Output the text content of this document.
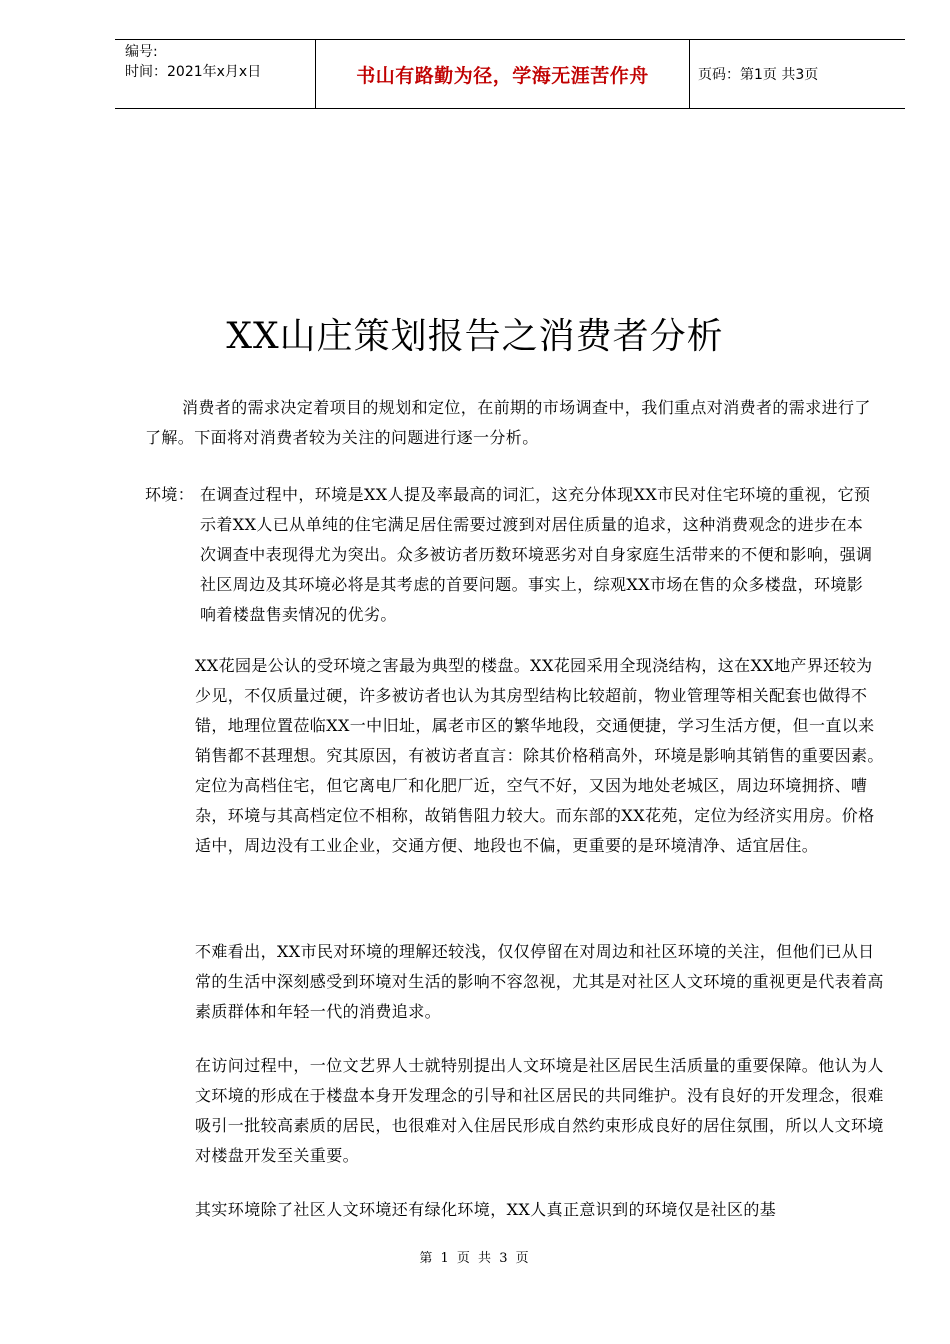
编号:
时间：2021年x月x日	书山有路勤为径，学海无涯苦作舟	页码：第1页 共3页
XX山庄策划报告之消费者分析

消费者的需求决定着项目的规划和定位，在前期的市场调查中，我们重点对消费者的需求进行了了解。下面将对消费者较为关注的问题进行逐一分析。

环境： 在调查过程中，环境是XX人提及率最高的词汇，这充分体现XX市民对住宅环境的重视，它预示着XX人已从单纯的住宅满足居住需要过渡到对居住质量的追求，这种消费观念的进步在本次调查中表现得尤为突出。众多被访者历数环境恶劣对自身家庭生活带来的不便和影响，强调社区周边及其环境必将是其考虑的首要问题。事实上，综观XX市场在售的众多楼盘，环境影响着楼盘售卖情况的优劣。

XX花园是公认的受环境之害最为典型的楼盘。XX花园采用全现浇结构，这在XX地产界还较为少见，不仅质量过硬，许多被访者也认为其房型结构比较超前，物业管理等相关配套也做得不错，地理位置莅临XX一中旧址，属老市区的繁华地段，交通便捷，学习生活方便，但一直以来销售都不甚理想。究其原因，有被访者直言：除其价格稍高外，环境是影响其销售的重要因素。定位为高档住宅，但它离电厂和化肥厂近，空气不好，又因为地处老城区，周边环境拥挤、嘈杂，环境与其高档定位不相称，故销售阻力较大。而东部的XX花苑，定位为经济实用房。价格适中，周边没有工业企业，交通方便、地段也不偏，更重要的是环境清净、适宜居住。

不难看出，XX市民对环境的理解还较浅，仅仅停留在对周边和社区环境的关注，但他们已从日常的生活中深刻感受到环境对生活的影响不容忽视，尤其是对社区人文环境的重视更是代表着高素质群体和年轻一代的消费追求。

在访问过程中，一位文艺界人士就特别提出人文环境是社区居民生活质量的重要保障。他认为人文环境的形成在于楼盘本身开发理念的引导和社区居民的共同维护。没有良好的开发理念，很难吸引一批较高素质的居民，也很难对入住居民形成自然约束形成良好的居住氛围，所以人文环境对楼盘开发至关重要。

其实环境除了社区人文环境还有绿化环境，XX人真正意识到的环境仅是社区的基

第 1 页 共 3 页
